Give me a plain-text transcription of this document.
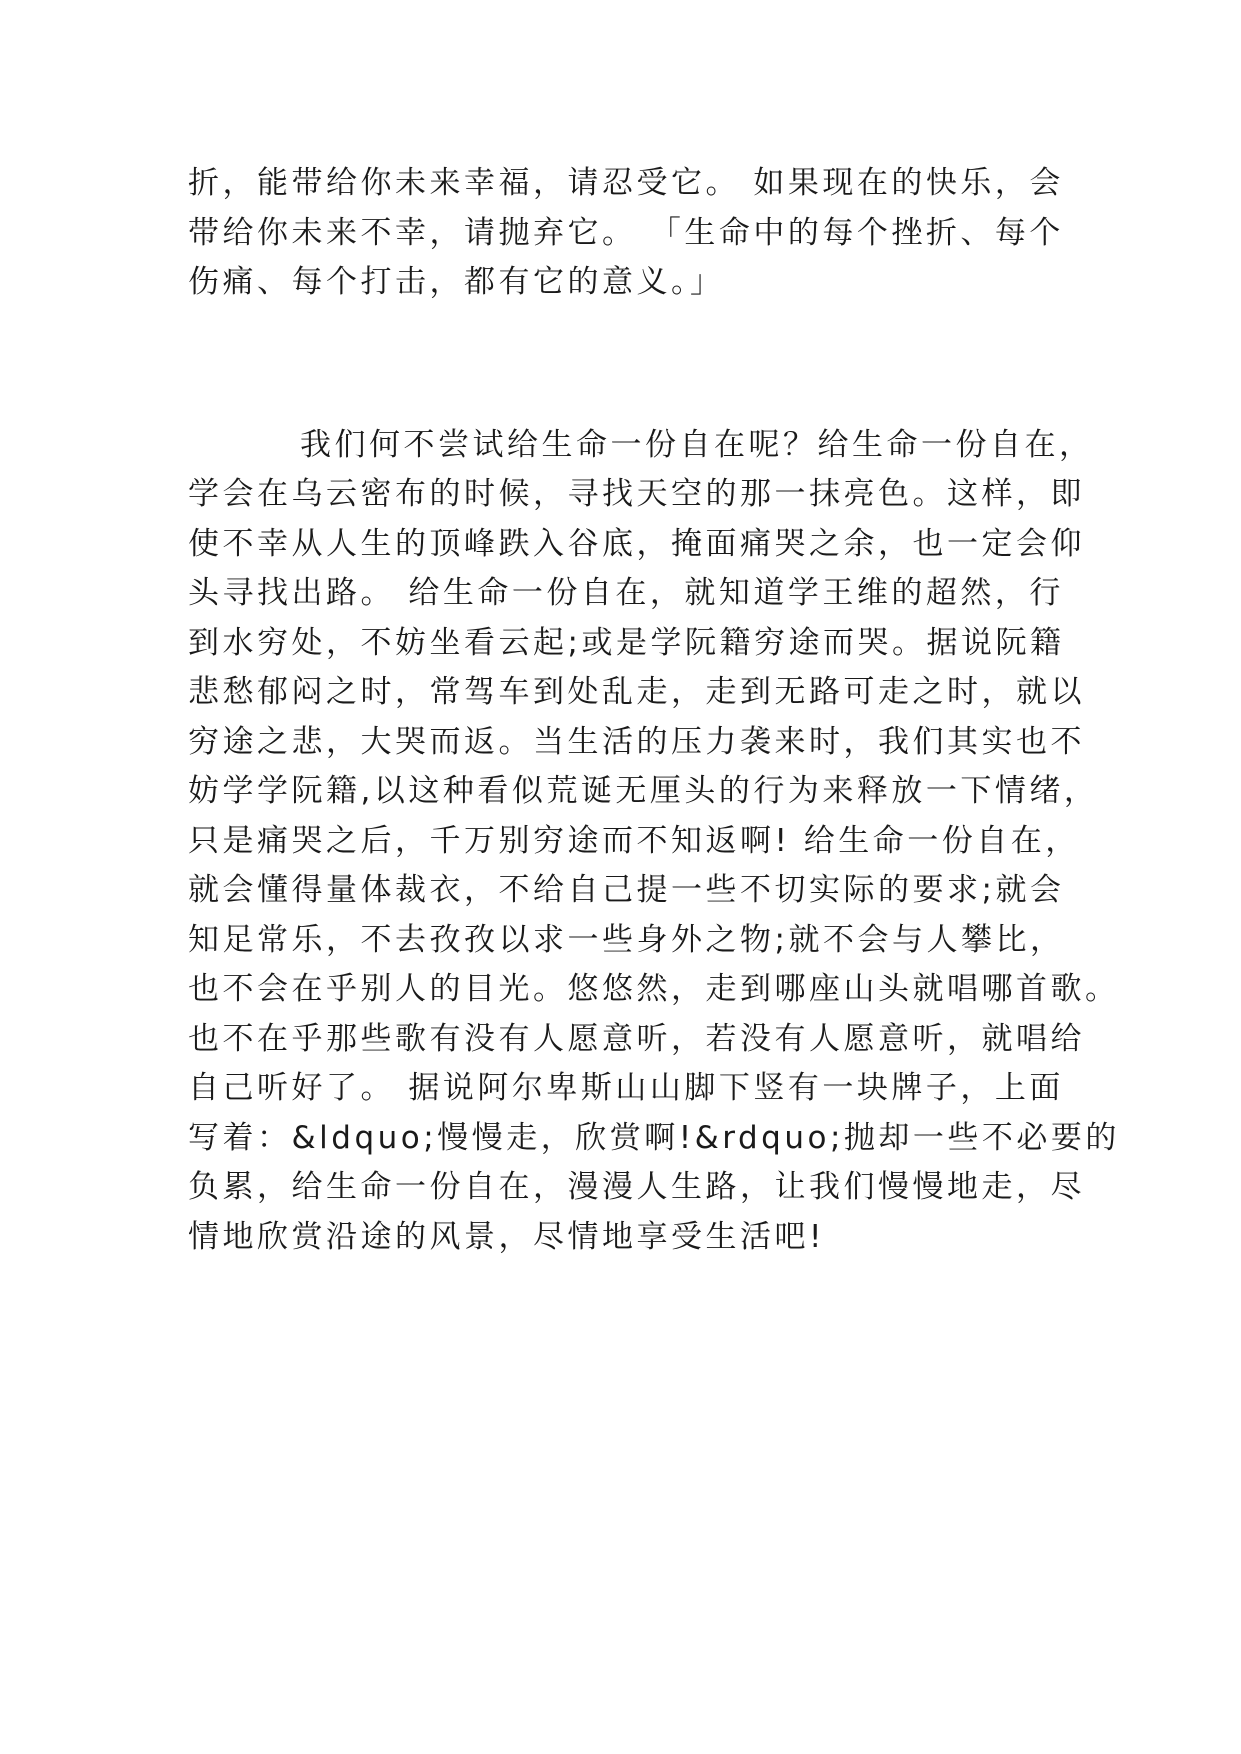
折，能带给你未来幸福，请忍受它。 如果现在的快乐，会
带给你未来不幸，请抛弃它。 「生命中的每个挫折、每个
伤痛、每个打击，都有它的意义。」
我们何不尝试给生命一份自在呢？给生命一份自在，
学会在乌云密布的时候，寻找天空的那一抹亮色。这样，即
使不幸从人生的顶峰跌入谷底，掩面痛哭之余，也一定会仰
头寻找出路。 给生命一份自在，就知道学王维的超然，行
到水穷处，不妨坐看云起;或是学阮籍穷途而哭。据说阮籍
悲愁郁闷之时，常驾车到处乱走，走到无路可走之时，就以
穷途之悲，大哭而返。当生活的压力袭来时，我们其实也不
妨学学阮籍,以这种看似荒诞无厘头的行为来释放一下情绪，
只是痛哭之后，千万别穷途而不知返啊! 给生命一份自在，
就会懂得量体裁衣，不给自己提一些不切实际的要求;就会
知足常乐，不去孜孜以求一些身外之物;就不会与人攀比，
也不会在乎别人的目光。悠悠然，走到哪座山头就唱哪首歌。
也不在乎那些歌有没有人愿意听，若没有人愿意听，就唱给
自己听好了。 据说阿尔卑斯山山脚下竖有一块牌子，上面
写着：&ldquo;慢慢走，欣赏啊!&rdquo;抛却一些不必要的
负累，给生命一份自在，漫漫人生路，让我们慢慢地走，尽
情地欣赏沿途的风景，尽情地享受生活吧!
